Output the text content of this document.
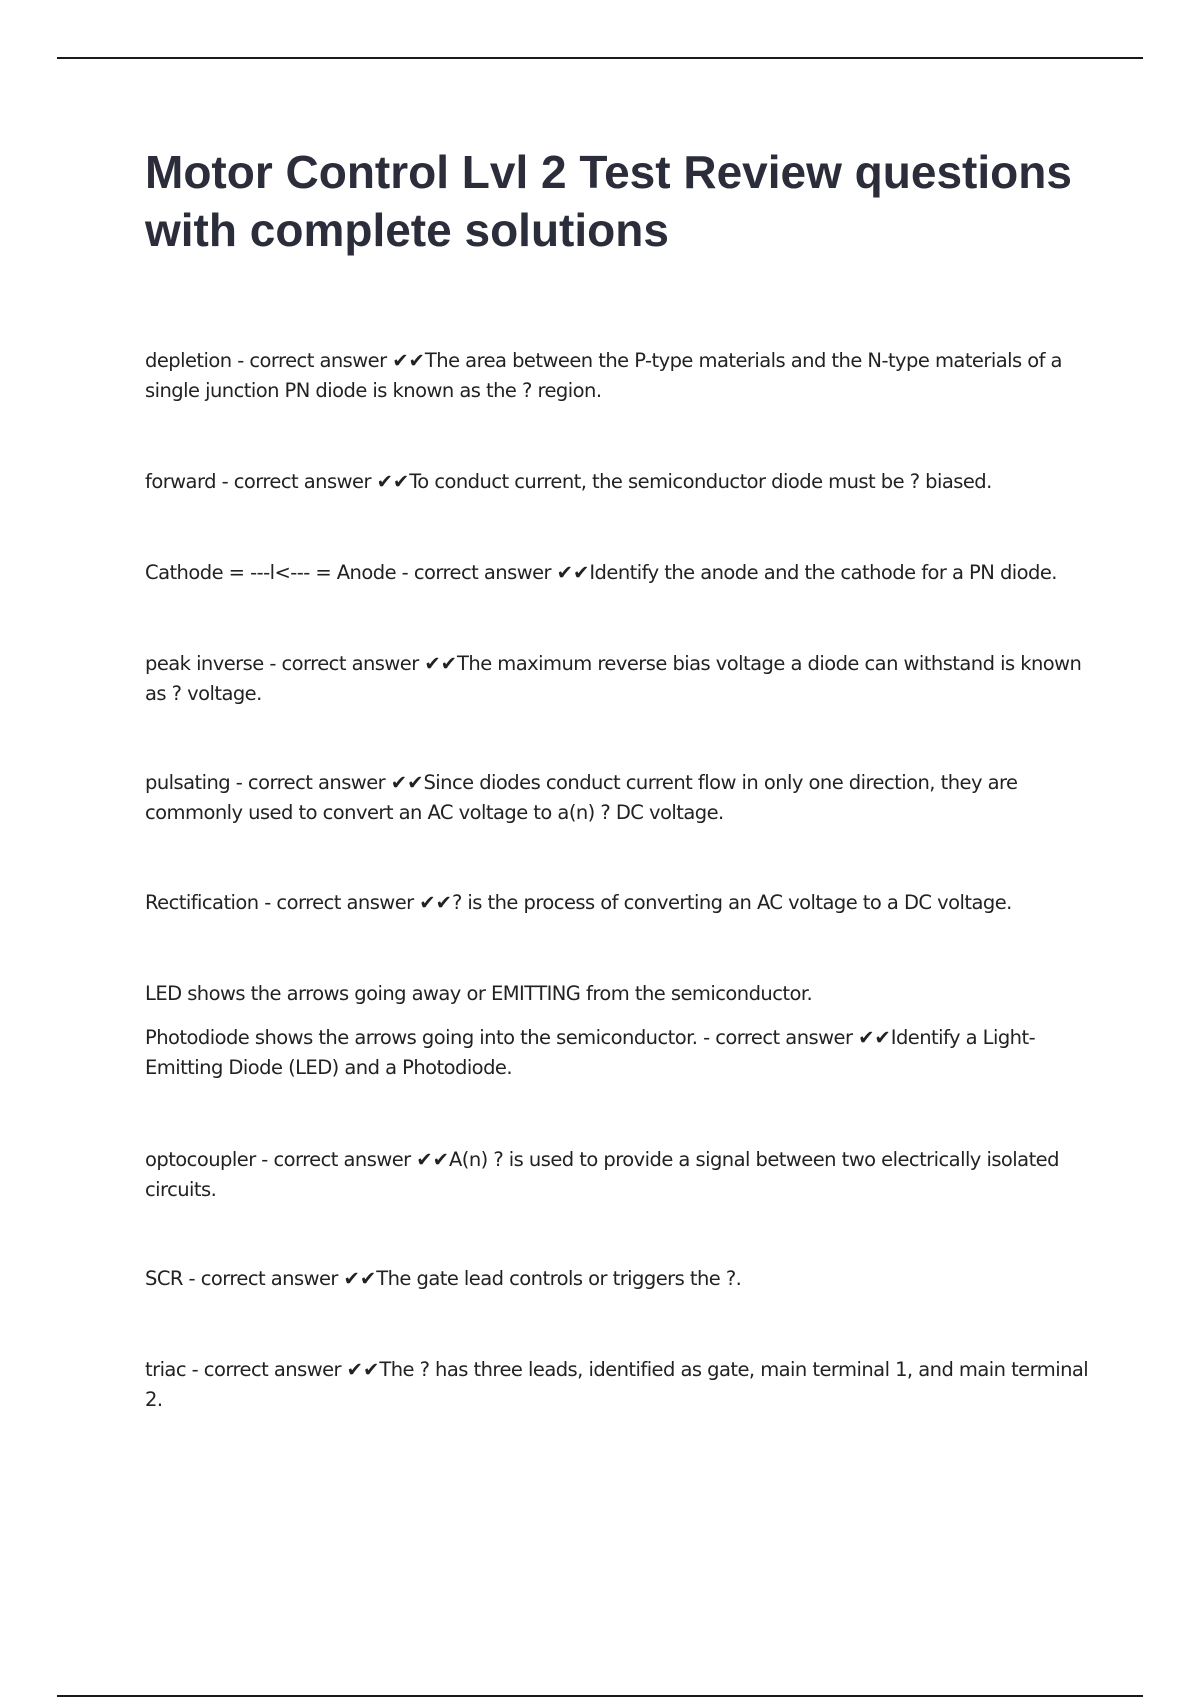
Motor Control Lvl 2 Test Review questions with complete solutions

depletion - correct answer ✔✔The area between the P-type materials and the N-type materials of a single junction PN diode is known as the ? region.

forward - correct answer ✔✔To conduct current, the semiconductor diode must be ? biased.

Cathode = ---l<--- = Anode - correct answer ✔✔Identify the anode and the cathode for a PN diode.

peak inverse - correct answer ✔✔The maximum reverse bias voltage a diode can withstand is known as ? voltage.

pulsating - correct answer ✔✔Since diodes conduct current flow in only one direction, they are commonly used to convert an AC voltage to a(n) ? DC voltage.

Rectification - correct answer ✔✔? is the process of converting an AC voltage to a DC voltage.

LED shows the arrows going away or EMITTING from the semiconductor.

Photodiode shows the arrows going into the semiconductor. - correct answer ✔✔Identify a Light-Emitting Diode (LED) and a Photodiode.

optocoupler - correct answer ✔✔A(n) ? is used to provide a signal between two electrically isolated circuits.

SCR - correct answer ✔✔The gate lead controls or triggers the ?.

triac - correct answer ✔✔The ? has three leads, identified as gate, main terminal 1, and main terminal 2.
